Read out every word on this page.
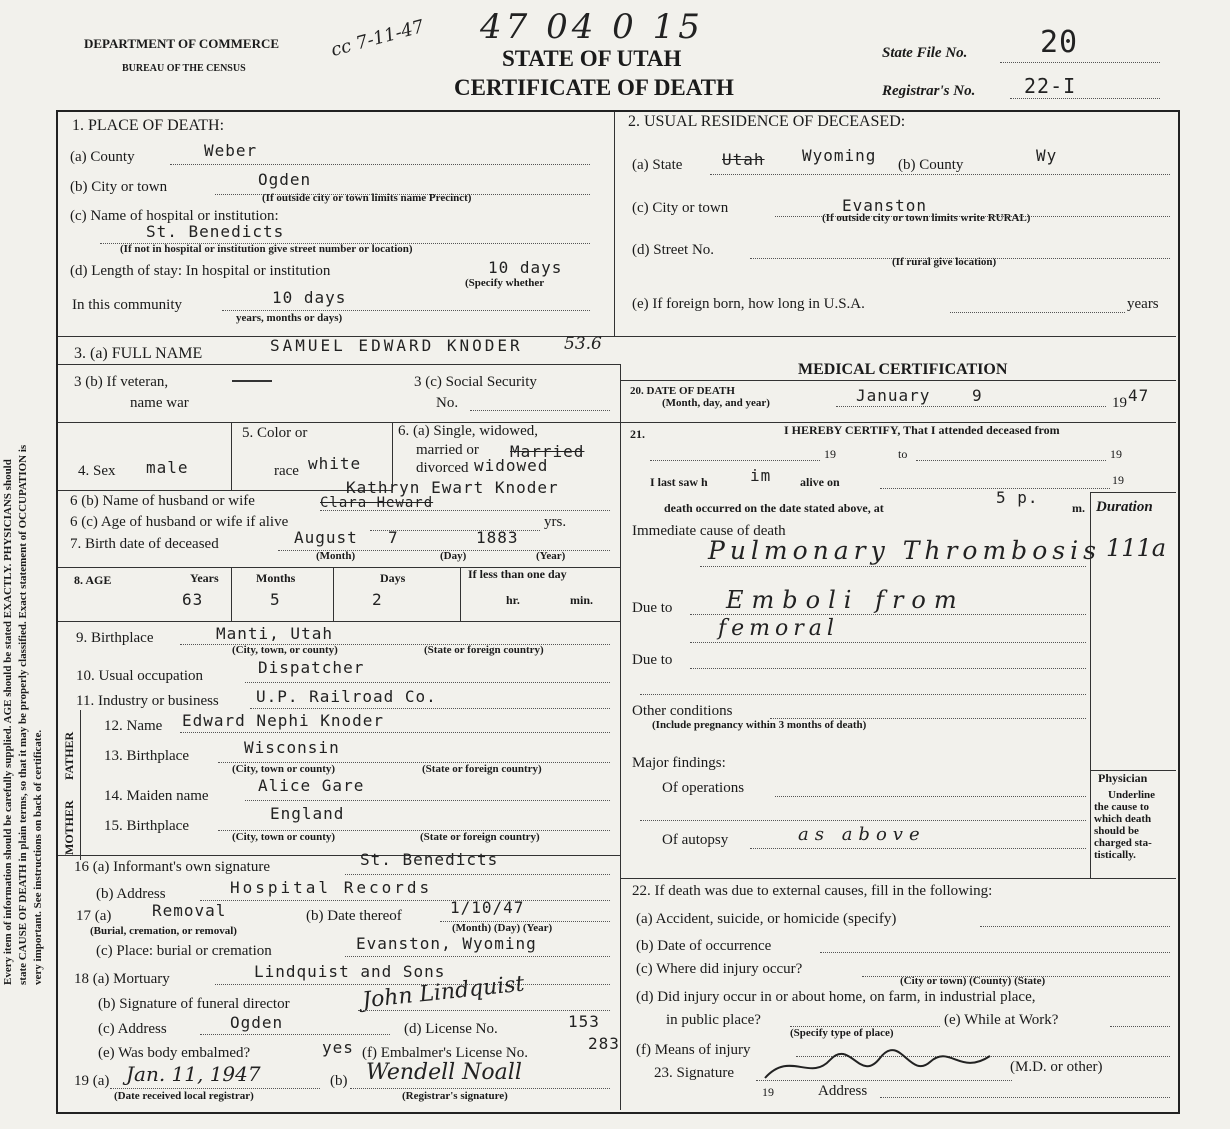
Every item of information should be carefully supplied. AGE should be stated EXACTLY. PHYSICIANS should state CAUSE OF DEATH in plain terms, so that it may be properly classified. Exact statement of OCCUPATION is very important. See instructions on back of certificate.
DEPARTMENT OF COMMERCE
BUREAU OF THE CENSUS
cc 7-11-47 47 04 0 15
STATE OF UTAH
CERTIFICATE OF DEATH
State File No. 20
Registrar's No. 22-I
1. PLACE OF DEATH:
(a) County	Weber
(b) City or town	Ogden
(If outside city or town limits name Precinct)
(c) Name of hospital or institution:
St. Benedicts
(If not in hospital or institution give street number or location)
(d) Length of stay: In hospital or institution	10 days
(Specify whether
In this community	10 days
years, months or days)
2. USUAL RESIDENCE OF DECEASED:
(a) State Utah Wyoming (b) County	Wy
(c) City or town	Evanston
(If outside city or town limits write RURAL)
(d) Street No.
(If rural give location)
(e) If foreign born, how long in U.S.A.	years
3. (a) FULL NAME	SAMUEL EDWARD KNODER 53.6
3 (b) If veteran,
name war
3 (c) Social Security
No.
MEDICAL CERTIFICATION
20. DATE OF DEATH
(Month, day, and year)	January	9	19 47
4. Sex male
5. Color or
race white
6. (a) Single, widowed,
married or
divorced
Married
widowed
6 (b) Name of husband or wife
Kathryn Ewart Knoder
Clara Heward
6 (c) Age of husband or wife if alive	yrs.
7. Birth date of deceased	August 7	1883
(Month)	(Day)	(Year)
8. AGE	Years	Months	Days	If less than one day
63	5	2	hr.	min.
9. Birthplace	Manti, Utah
(City, town, or county)	(State or foreign country)
10. Usual occupation	Dispatcher
11. Industry or business U.P. Railroad Co.
MOTHER
FATHER
12. Name Edward Nephi Knoder
13. Birthplace	Wisconsin
(City, town or county)	(State or foreign country)
14. Maiden name
Alice Gare
15. Birthplace
England
(City, town or county)	(State or foreign country)
16 (a) Informant's own signature	St. Benedicts
(b) Address	Hospital Records
17 (a)	Removal
(Burial, cremation, or removal)
(b) Date thereof	1/10/47
(Month) (Day) (Year)
(c) Place: burial or cremation	Evanston, Wyoming
18 (a) Mortuary	Lindquist and Sons
(b) Signature of funeral director	John Lindquist
(c) Address	Ogden	(d) License No.	153
(e) Was body embalmed?	yes (f) Embalmer's License No.	283
19 (a) Jan. 11, 1947
(Date received local registrar)
(b) Wendell Noall
(Registrar's signature)
21.	I HEREBY CERTIFY, That I attended deceased from
19	to	19
I last saw h	im alive on	19
death occurred on the date stated above, at
5 p.
m. Duration
Immediate cause of death
Pulmonary Thrombosis 111a
Due to Emboli from
femoral
Due to
Other conditions
(Include pregnancy within 3 months of death)
Major findings:
Of operations
Of autopsy	as above
Physician
Underline
the cause to
which death
should be
charged sta-
tistically.
22. If death was due to external causes, fill in the following:
(a) Accident, suicide, or homicide (specify)
(b) Date of occurrence
(c) Where did injury occur?
(City or town) (County) (State)
(d) Did injury occur in or about home, on farm, in industrial place,
in public place?
(Specify type of place)
(e) While at Work?
(f) Means of injury
23. Signature	(M.D. or other)
19	Address
